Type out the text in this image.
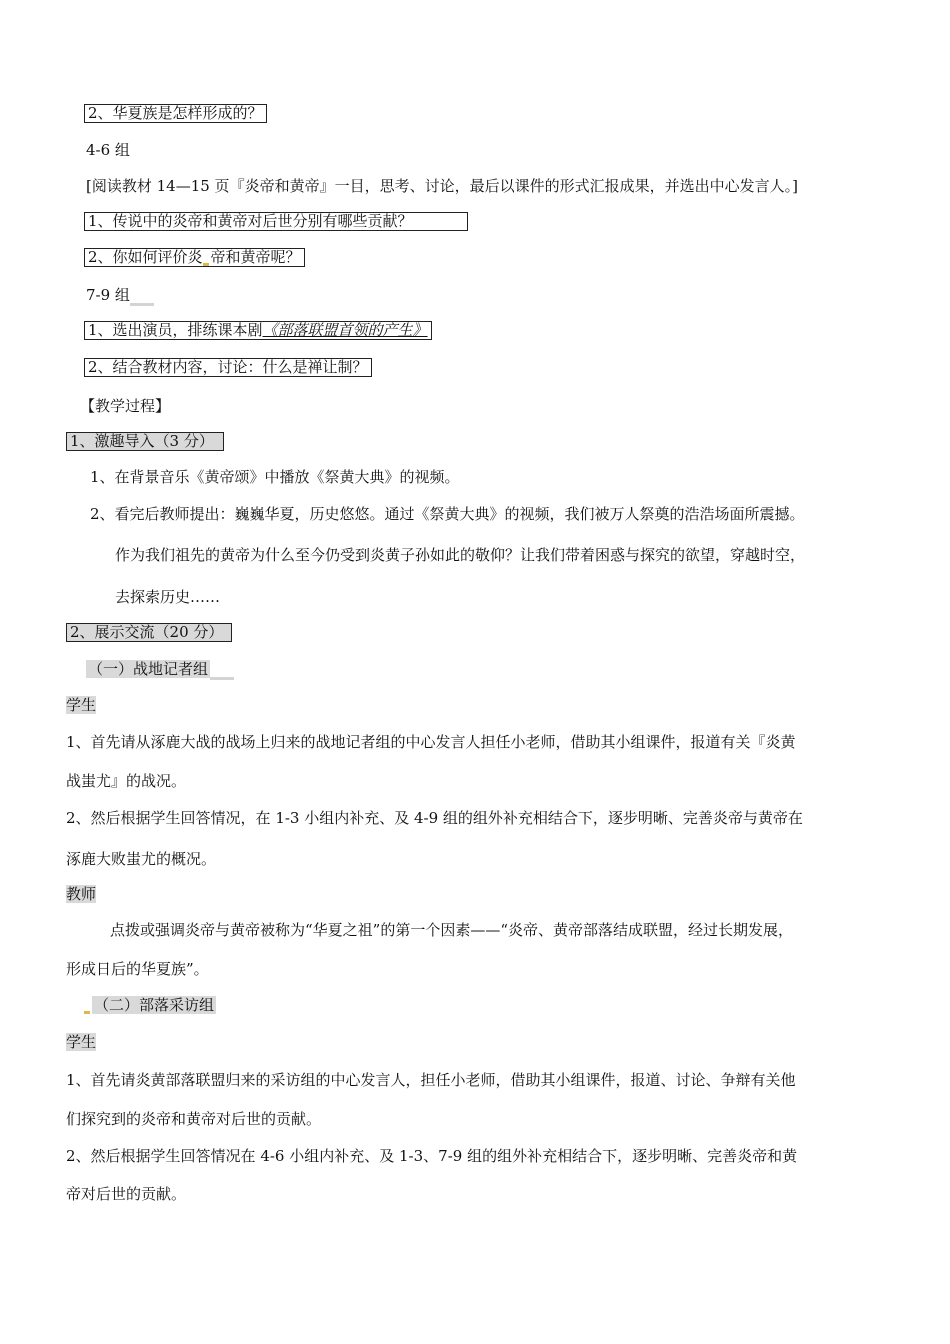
2、华夏族是怎样形成的？
4-6 组
[阅读教材 14—15 页『炎帝和黄帝』一目，思考、讨论，最后以课件的形式汇报成果，并选出中心发言人。]
1、传说中的炎帝和黄帝对后世分别有哪些贡献？
2、你如何评价炎 帝和黄帝呢？
7-9 组
1、选出演员，排练课本剧《部落联盟首领的产生》
2、结合教材内容，讨论：什么是禅让制？
【教学过程】
1、激趣导入（3 分）
1、在背景音乐《黄帝颂》中播放《祭黄大典》的视频。
2、看完后教师提出：巍巍华夏，历史悠悠。通过《祭黄大典》的视频，我们被万人祭奠的浩浩场面所震撼。
作为我们祖先的黄帝为什么至今仍受到炎黄子孙如此的敬仰？让我们带着困惑与探究的欲望，穿越时空，
去探索历史……
2、展示交流（20 分）
（一）战地记者组
学生
1、首先请从涿鹿大战的战场上归来的战地记者组的中心发言人担任小老师，借助其小组课件，报道有关『炎黄
战蚩尤』的战况。
2、然后根据学生回答情况，在 1-3 小组内补充、及 4-9 组的组外补充相结合下，逐步明晰、完善炎帝与黄帝在
涿鹿大败蚩尤的概况。
教师
点拨或强调炎帝与黄帝被称为“华夏之祖”的第一个因素——“炎帝、黄帝部落结成联盟，经过长期发展，
形成日后的华夏族”。
（二）部落采访组
学生
1、首先请炎黄部落联盟归来的采访组的中心发言人，担任小老师，借助其小组课件，报道、讨论、争辩有关他
们探究到的炎帝和黄帝对后世的贡献。
2、然后根据学生回答情况在 4-6 小组内补充、及 1-3、7-9 组的组外补充相结合下，逐步明晰、完善炎帝和黄
帝对后世的贡献。
